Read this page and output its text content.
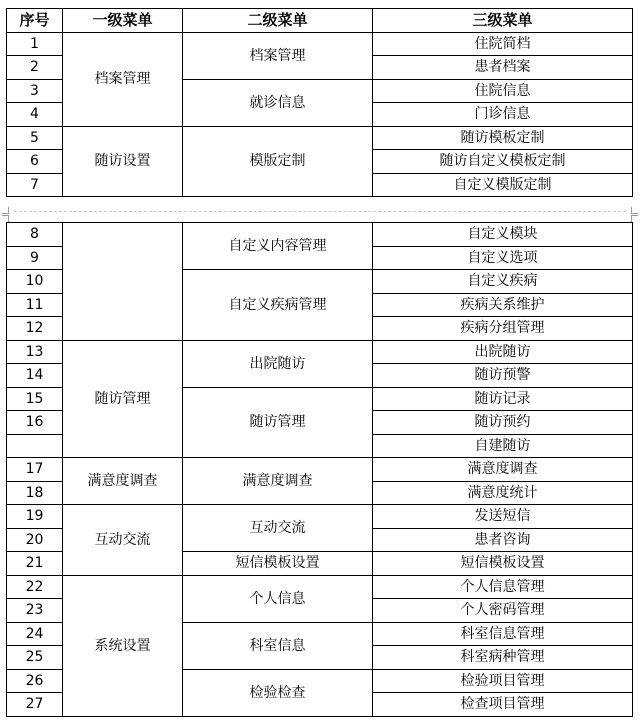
序号	一级菜单	二级菜单	三级菜单
1	档案管理	档案管理	住院简档
2			患者档案
3		就诊信息	住院信息
4			门诊信息
5	随访设置	模版定制	随访模板定制
6			随访自定义模板定制
7			自定义模版定制
8		自定义内容管理	自定义模块
9			自定义选项
10		自定义疾病管理	自定义疾病
11			疾病关系维护
12			疾病分组管理
13	随访管理	出院随访	出院随访
14			随访预警
15		随访管理	随访记录
16			随访预约
			自建随访
17	满意度调查	满意度调查	满意度调查
18			满意度统计
19	互动交流	互动交流	发送短信
20			患者咨询
21		短信模板设置	短信模板设置
22	系统设置	个人信息	个人信息管理
23			个人密码管理
24		科室信息	科室信息管理
25			科室病种管理
26		检验检查	检验项目管理
27			检查项目管理
